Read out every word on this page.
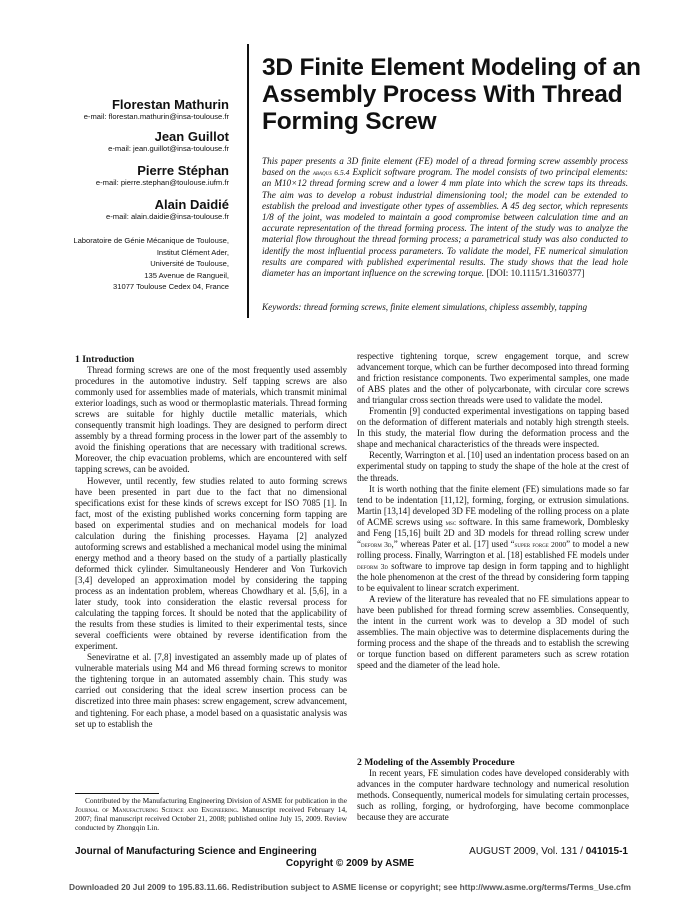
3D Finite Element Modeling of an Assembly Process With Thread Forming Screw
Florestan Mathurin
e-mail: florestan.mathurin@insa-toulouse.fr
Jean Guillot
e-mail: jean.guillot@insa-toulouse.fr
Pierre Stéphan
e-mail: pierre.stephan@toulouse.iufm.fr
Alain Daidié
e-mail: alain.daidie@insa-toulouse.fr
Laboratoire de Génie Mécanique de Toulouse,
Institut Clément Ader,
Université de Toulouse,
135 Avenue de Rangueil,
31077 Toulouse Cedex 04, France
This paper presents a 3D finite element (FE) model of a thread forming screw assembly process based on the abaqus 6.5.4 Explicit software program. The model consists of two principal elements: an M10×12 thread forming screw and a lower 4 mm plate into which the screw taps its threads. The aim was to develop a robust industrial dimensioning tool; the model can be extended to establish the preload and investigate other types of assemblies. A 45 deg sector, which represents 1/8 of the joint, was modeled to maintain a good compromise between calculation time and an accurate representation of the thread forming process. The intent of the study was to analyze the material flow throughout the thread forming process; a parametrical study was also conducted to identify the most influential process parameters. To validate the model, FE numerical simulation results are compared with published experimental results. The study shows that the lead hole diameter has an important influence on the screwing torque. [DOI: 10.1115/1.3160377]
Keywords: thread forming screws, finite element simulations, chipless assembly, tapping

1 Introduction

Thread forming screws are one of the most frequently used assembly procedures in the automotive industry. Self tapping screws are also commonly used for assemblies made of materials, which transmit minimal exterior loadings, such as wood or thermoplastic materials. Thread forming screws are suitable for highly ductile metallic materials, which consequently transmit high loadings. They are designed to perform direct assembly by a thread forming process in the lower part of the assembly to avoid the finishing operations that are necessary with traditional screws. Moreover, the chip evacuation problems, which are encountered with self tapping screws, can be avoided.

However, until recently, few studies related to auto forming screws have been presented in part due to the fact that no dimensional specifications exist for these kinds of screws except for ISO 7085 [1]. In fact, most of the existing published works concerning form tapping are based on experimental studies and on mechanical models for load calculation during the finishing processes. Hayama [2] analyzed autoforming screws and established a mechanical model using the minimal energy method and a theory based on the study of a partially plastically deformed thick cylinder. Simultaneously Henderer and Von Turkovich [3,4] developed an approximation model by considering the tapping process as an indentation problem, whereas Chowdhary et al. [5,6], in a later study, took into consideration the elastic reversal process for calculating the tapping forces. It should be noted that the applicability of the results from these studies is limited to their experimental tests, since several coefficients were obtained by reverse identification from the experiment.

Seneviratne et al. [7,8] investigated an assembly made up of plates of vulnerable materials using M4 and M6 thread forming screws to monitor the tightening torque in an automated assembly chain. This study was carried out considering that the ideal screw insertion process can be discretized into three main phases: screw engagement, screw advancement, and tightening. For each phase, a model based on a quasistatic analysis was set up to establish the

respective tightening torque, screw engagement torque, and screw advancement torque, which can be further decomposed into thread forming and friction resistance components. Two experimental samples, one made of ABS plates and the other of polycarbonate, with circular core screws and triangular cross section threads were used to validate the model.

Fromentin [9] conducted experimental investigations on tapping based on the deformation of different materials and notably high strength steels. In this study, the material flow during the deformation process and the shape and mechanical characteristics of the threads were inspected.

Recently, Warrington et al. [10] used an indentation process based on an experimental study on tapping to study the shape of the hole at the crest of the threads.

It is worth nothing that the finite element (FE) simulations made so far tend to be indentation [11,12], forming, forging, or extrusion simulations. Martin [13,14] developed 3D FE modeling of the rolling process on a plate of ACME screws using msc software. In this same framework, Domblesky and Feng [15,16] built 2D and 3D models for thread rolling screw under “deform 3d,” whereas Pater et al. [17] used “super forge 2000” to model a new rolling process. Finally, Warrington et al. [18] established FE models under deform 3d software to improve tap design in form tapping and to highlight the hole phenomenon at the crest of the thread by considering form tapping to be equivalent to linear scratch experiment.

A review of the literature has revealed that no FE simulations appear to have been published for thread forming screw assemblies. Consequently, the intent in the current work was to develop a 3D model of such assemblies. The main objective was to determine displacements during the forming process and the shape of the threads and to establish the screwing or torque function based on different parameters such as screw rotation speed and the diameter of the lead hole.

2 Modeling of the Assembly Procedure

In recent years, FE simulation codes have developed considerably with advances in the computer hardware technology and numerical resolution methods. Consequently, numerical models for simulating certain processes, such as rolling, forging, or hydroforging, have become commonplace because they are accurate

Contributed by the Manufacturing Engineering Division of ASME for publication in the Journal of Manufacturing Science and Engineering. Manuscript received February 14, 2007; final manuscript received October 21, 2008; published online July 15, 2009. Review conducted by Zhongqin Lin.
Journal of Manufacturing Science and Engineering	AUGUST 2009, Vol. 131 / 041015-1
Copyright © 2009 by ASME
Downloaded 20 Jul 2009 to 195.83.11.66. Redistribution subject to ASME license or copyright; see http://www.asme.org/terms/Terms_Use.cfm
